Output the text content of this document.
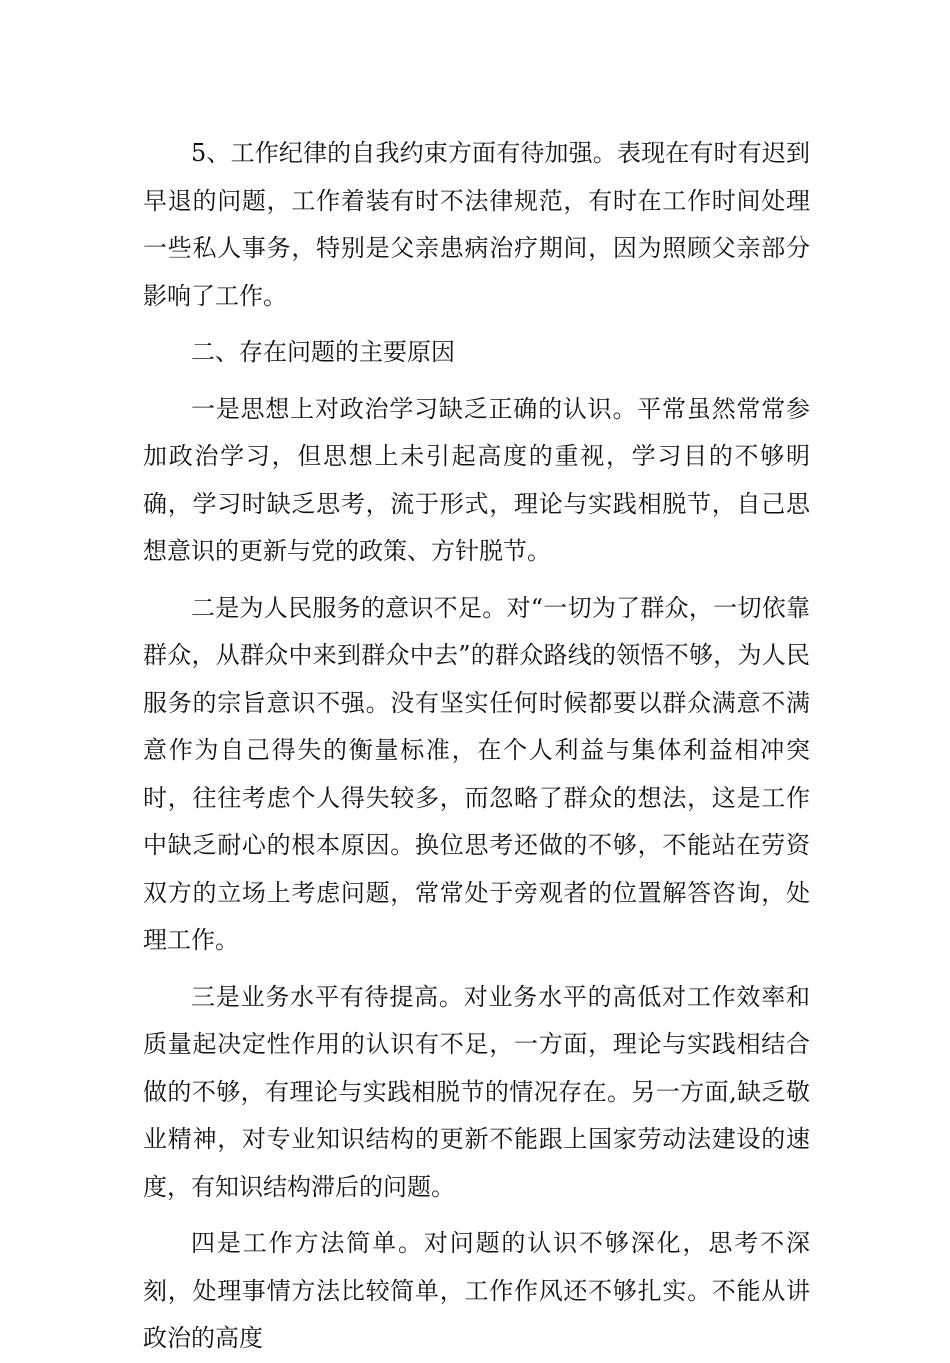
5、工作纪律的自我约束方面有待加强。表现在有时有迟到早退的问题，工作着装有时不法律规范，有时在工作时间处理一些私人事务，特别是父亲患病治疗期间，因为照顾父亲部分影响了工作。

二、存在问题的主要原因

一是思想上对政治学习缺乏正确的认识。平常虽然常常参加政治学习，但思想上未引起高度的重视，学习目的不够明确，学习时缺乏思考，流于形式，理论与实践相脱节，自己思想意识的更新与党的政策、方针脱节。

二是为人民服务的意识不足。对“一切为了群众，一切依靠群众，从群众中来到群众中去”的群众路线的领悟不够，为人民服务的宗旨意识不强。没有坚实任何时候都要以群众满意不满意作为自己得失的衡量标准，在个人利益与集体利益相冲突时，往往考虑个人得失较多，而忽略了群众的想法，这是工作中缺乏耐心的根本原因。换位思考还做的不够，不能站在劳资双方的立场上考虑问题，常常处于旁观者的位置解答咨询，处理工作。

三是业务水平有待提高。对业务水平的高低对工作效率和质量起决定性作用的认识有不足，一方面，理论与实践相结合做的不够，有理论与实践相脱节的情况存在。另一方面,缺乏敬业精神，对专业知识结构的更新不能跟上国家劳动法建设的速度，有知识结构滞后的问题。

四是工作方法简单。对问题的认识不够深化，思考不深刻，处理事情方法比较简单，工作作风还不够扎实。不能从讲政治的高度
